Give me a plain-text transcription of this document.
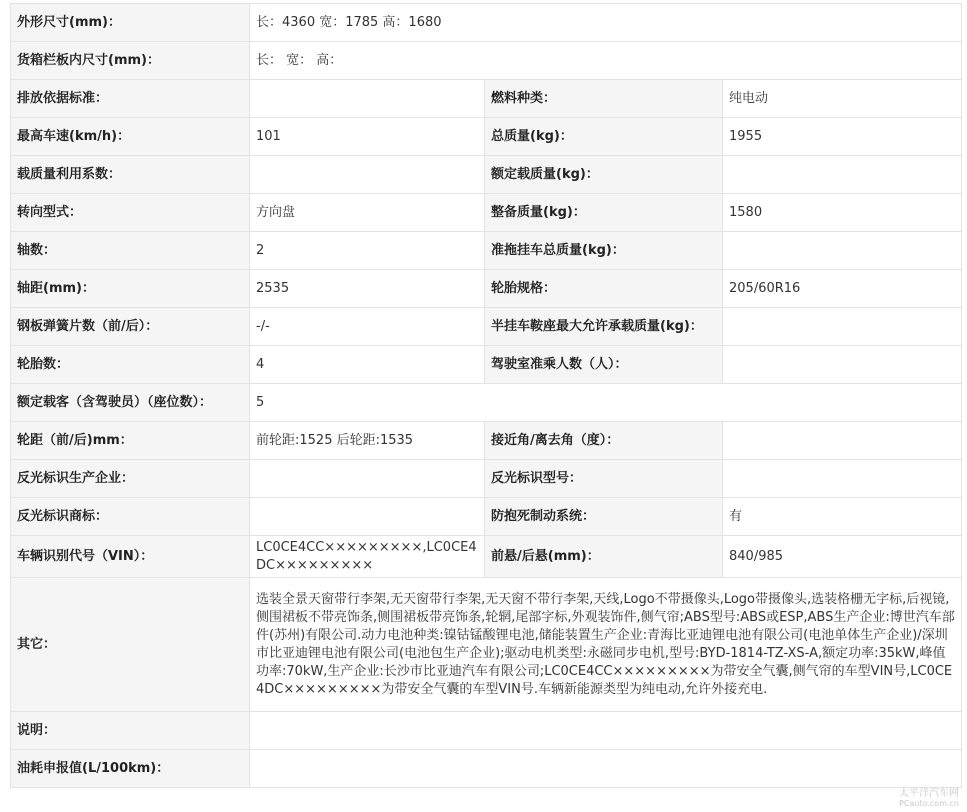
外形尺寸(mm)：	长：4360 宽：1785 高：1680		
货箱栏板内尺寸(mm)：	长： 宽： 高：		
排放依据标准：		燃料种类：	纯电动
最高车速(km/h)：	101	总质量(kg)：	1955
载质量利用系数：		额定载质量(kg)：	
转向型式：	方向盘	整备质量(kg)：	1580
轴数：	2	准拖挂车总质量(kg)：	
轴距(mm)：	2535	轮胎规格：	205/60R16
钢板弹簧片数（前/后）：	-/-	半挂车鞍座最大允许承载质量(kg)：	
轮胎数：	4	驾驶室准乘人数（人）：	
额定载客（含驾驶员）（座位数）：	5		
轮距（前/后)mm：	前轮距:1525 后轮距:1535	接近角/离去角（度）：	
反光标识生产企业：		反光标识型号：	
反光标识商标：		防抱死制动系统：	有
车辆识别代号（VIN）：	LC0CE4CC×××××××××,LC0CE4DC×××××××××	前悬/后悬(mm)：	840/985
其它：	选装全景天窗带行李架,无天窗带行李架,无天窗不带行李架,天线,Logo不带摄像头,Logo带摄像头,选装格栅无字标,后视镜,侧围裙板不带亮饰条,侧围裙板带亮饰条,轮辋,尾部字标,外观装饰件,侧气帘;ABS型号:ABS或ESP,ABS生产企业:博世汽车部件(苏州)有限公司.动力电池种类:镍钴锰酸锂电池,储能装置生产企业:青海比亚迪锂电池有限公司(电池单体生产企业)/深圳市比亚迪锂电池有限公司(电池包生产企业);驱动电机类型:永磁同步电机,型号:BYD-1814-TZ-XS-A,额定功率:35kW,峰值功率:70kW,生产企业:长沙市比亚迪汽车有限公司;LC0CE4CC×××××××××为带安全气囊,侧气帘的车型VIN号,LC0CE4DC×××××××××为带安全气囊的车型VIN号.车辆新能源类型为纯电动,允许外接充电.		
说明：			
油耗申报值(L/100km)：			
太平洋汽车网
PCauto.com.cn
